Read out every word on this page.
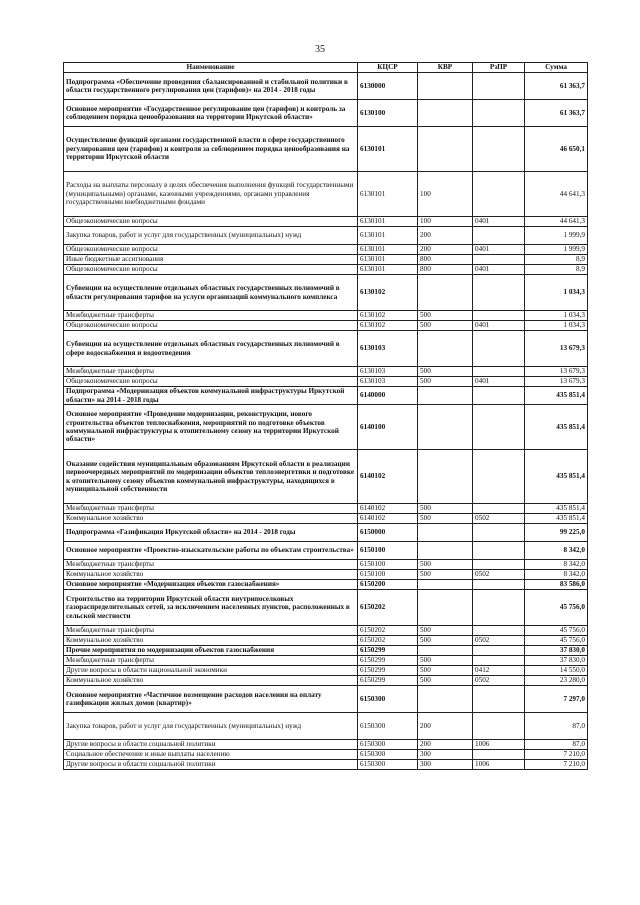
35
Наименование	КЦСР	КВР	РзПР	Сумма
Подпрограмма «Обеспечение проведения сбалансированной и стабильной политики в области государственного регулирования цен (тарифов)» на 2014 - 2018 годы	6130000			61 363,7
Основное мероприятие «Государственное регулирование цен (тарифов) и контроль за соблюдением порядка ценообразования на территории Иркутской области»	6130100			61 363,7
Осуществление функций органами государственной власти в сфере государственного регулирования цен (тарифов) и контроля за соблюдением порядка ценообразования на территории Иркутской области	6130101			46 650,1
Расходы на выплаты персоналу в целях обеспечения выполнения функций государственными (муниципальными) органами, казенными учреждениями, органами управления государственными внебюджетными фондами	6130101	100		44 641,3
Общеэкономические вопросы	6130101	100	0401	44 641,3
Закупка товаров, работ и услуг для государственных (муниципальных) нужд	6130101	200		1 999,9
Общеэкономические вопросы	6130101	200	0401	1 999,9
Иные бюджетные ассигнования	6130101	800		8,9
Общеэкономические вопросы	6130101	800	0401	8,9
Субвенции на осуществление отдельных областных государственных полномочий в области регулирования тарифов на услуги организаций коммунального комплекса	6130102			1 034,3
Межбюджетные трансферты	6130102	500		1 034,3
Общеэкономические вопросы	6130102	500	0401	1 034,3
Субвенции на осуществление отдельных областных государственных полномочий в сфере водоснабжения и водоотведения	6130103			13 679,3
Межбюджетные трансферты	6130103	500		13 679,3
Общеэкономические вопросы	6130103	500	0401	13 679,3
Подпрограмма «Модернизация объектов коммунальной инфраструктуры Иркутской области» на 2014 - 2018 годы	6140000			435 851,4
Основное мероприятие «Проведение модернизации, реконструкции, нового строительства объектов теплоснабжения, мероприятий по подготовке объектов коммунальной инфраструктуры к отопительному сезону на территории Иркутской области»	6140100			435 851,4
Оказание содействия муниципальным образованиям Иркутской области в реализации первоочередных мероприятий по модернизации объектов теплоэнергетики и подготовке к отопительному сезону объектов коммунальной инфраструктуры, находящихся в муниципальной собственности	6140102			435 851,4
Межбюджетные трансферты	6140102	500		435 851,4
Коммунальное хозяйство	6140102	500	0502	435 851,4
Подпрограмма «Газификация Иркутской области» на 2014 - 2018 годы	6150000			99 225,0
Основное мероприятие «Проектно-изыскательские работы по объектам строительства»	6150100			8 342,0
Межбюджетные трансферты	6150100	500		8 342,0
Коммунальное хозяйство	6150100	500	0502	8 342,0
Основное мероприятие «Модернизация объектов газоснабжения»	6150200			83 586,0
Строительство на территории Иркутской области внутрипоселковых газораспределительных сетей, за исключением населенных пунктов, расположенных в сельской местности	6150202			45 756,0
Межбюджетные трансферты	6150202	500		45 756,0
Коммунальное хозяйство	6150202	500	0502	45 756,0
Прочие мероприятия по модернизации объектов газоснабжения	6150299			37 830,0
Межбюджетные трансферты	6150299	500		37 830,0
Другие вопросы в области национальной экономики	6150299	500	0412	14 550,0
Коммунальное хозяйство	6150299	500	0502	23 280,0
Основное мероприятие «Частичное возмещение расходов населения на оплату газификации жилых домов (квартир)»	6150300			7 297,0
Закупка товаров, работ и услуг для государственных (муниципальных) нужд	6150300	200		87,0
Другие вопросы в области социальной политики	6150300	200	1006	87,0
Социальное обеспечение и иные выплаты населению	6150300	300		7 210,0
Другие вопросы в области социальной политики	6150300	300	1006	7 210,0
